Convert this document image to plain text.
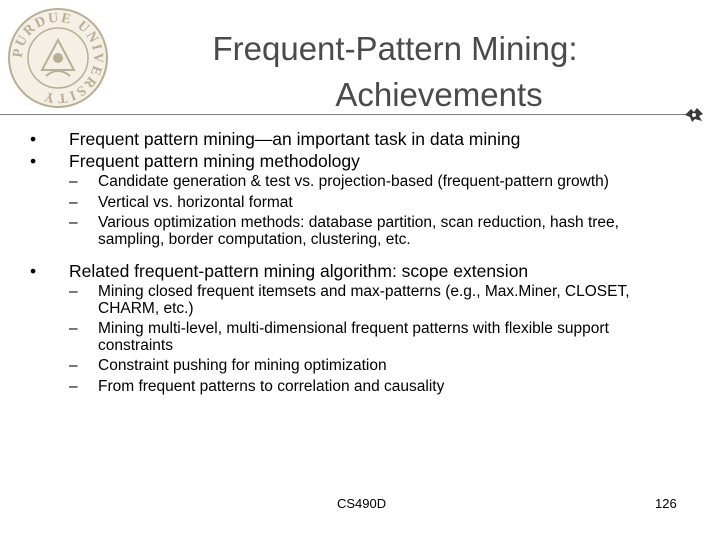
PURDUE UNIVERSITY
Frequent-Pattern Mining:
Achievements
• Frequent pattern mining—an important task in data mining
• Frequent pattern mining methodology
– Candidate generation & test vs. projection-based (frequent-pattern growth)
– Vertical vs. horizontal format
– Various optimization methods: database partition, scan reduction, hash tree, sampling, border computation, clustering, etc.
• Related frequent-pattern mining algorithm: scope extension
– Mining closed frequent itemsets and max-patterns (e.g., Max.Miner, CLOSET, CHARM, etc.)
– Mining multi-level, multi-dimensional frequent patterns with flexible support constraints
– Constraint pushing for mining optimization
– From frequent patterns to correlation and causality
CS490D	126
